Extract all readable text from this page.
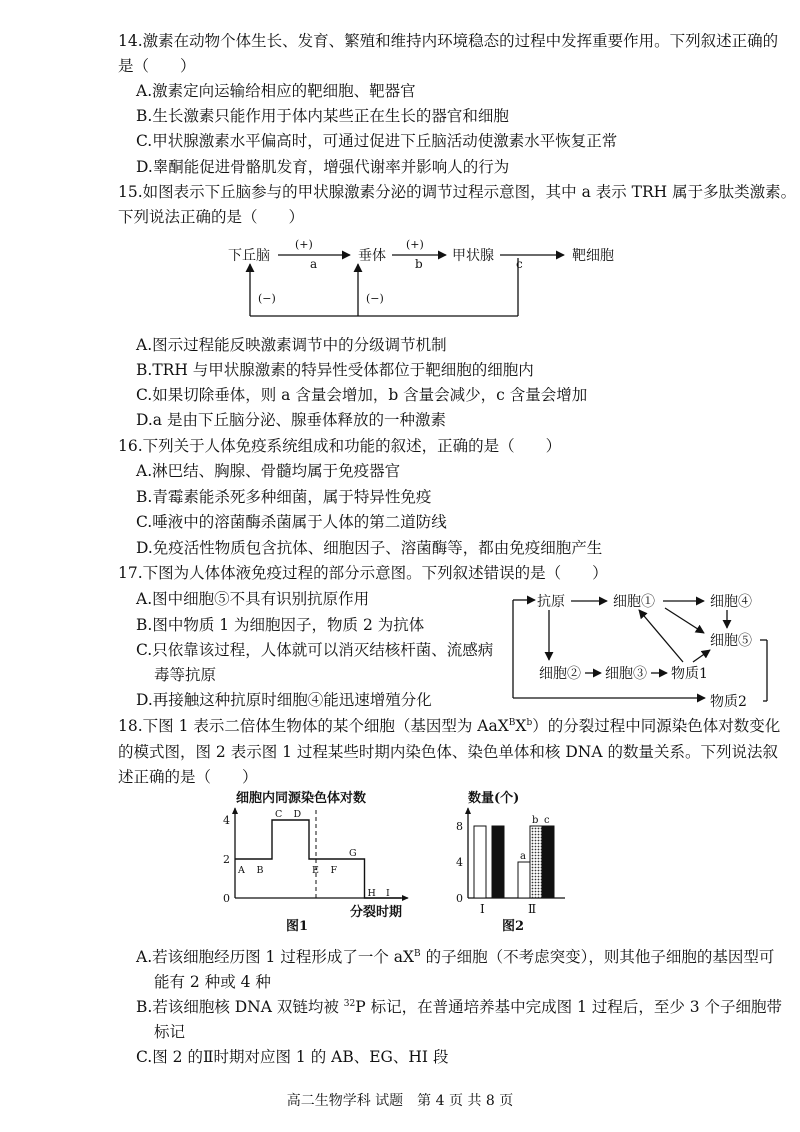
14.激素在动物个体生长、发育、繁殖和维持内环境稳态的过程中发挥重要作用。下列叙述正确的
是（　　）
A.激素定向运输给相应的靶细胞、靶器官
B.生长激素只能作用于体内某些正在生长的器官和细胞
C.甲状腺激素水平偏高时，可通过促进下丘脑活动使激素水平恢复正常
D.睾酮能促进骨骼肌发育，增强代谢率并影响人的行为
15.如图表示下丘脑参与的甲状腺激素分泌的调节过程示意图，其中 a 表示 TRH 属于多肽类激素。
下列说法正确的是（　　）
下丘脑	垂体	甲状腺	靶细胞
(+)
a
(+)
b	c
(−)	(−)
A.图示过程能反映激素调节中的分级调节机制
B.TRH 与甲状腺激素的特异性受体都位于靶细胞的细胞内
C.如果切除垂体，则 a 含量会增加，b 含量会减少，c 含量会增加
D.a 是由下丘脑分泌、腺垂体释放的一种激素
16.下列关于人体免疫系统组成和功能的叙述，正确的是（　　）
A.淋巴结、胸腺、骨髓均属于免疫器官
B.青霉素能杀死多种细菌，属于特异性免疫
C.唾液中的溶菌酶杀菌属于人体的第二道防线
D.免疫活性物质包含抗体、细胞因子、溶菌酶等，都由免疫细胞产生
17.下图为人体体液免疫过程的部分示意图。下列叙述错误的是（　　）
A.图中细胞⑤不具有识别抗原作用
B.图中物质 1 为细胞因子，物质 2 为抗体
C.只依靠该过程，人体就可以消灭结核杆菌、流感病
毒等抗原
D.再接触这种抗原时细胞④能迅速增殖分化
抗原	细胞①	细胞④
细胞⑤
细胞② 细胞③ 物质1
物质2
18.下图 1 表示二倍体生物体的某个细胞（基因型为 $AaX^BX^b$）的分裂过程中同源染色体对数变化
的模式图，图 2 表示图 1 过程某些时期内染色体、染色单体和核 DNA 的数量关系。下列说法叙
述正确的是（　　）
细胞内同源染色体对数
0
2
4
A B
C D
E F
G
H I
分裂时期
图1
数量(个)
0
4
8
Ⅰ
a
b c
Ⅱ
图2
A.若该细胞经历图 1 过程形成了一个 $aX^B$ 的子细胞（不考虑突变），则其他子细胞的基因型可
能有 2 种或 4 种
B.若该细胞核 DNA 双链均被 $^{32}$P 标记，在普通培养基中完成图 1 过程后，至少 3 个子细胞带
标记
C.图 2 的Ⅱ时期对应图 1 的 AB、EG、HI 段
高二生物学科 试题　第 4 页 共 8 页
